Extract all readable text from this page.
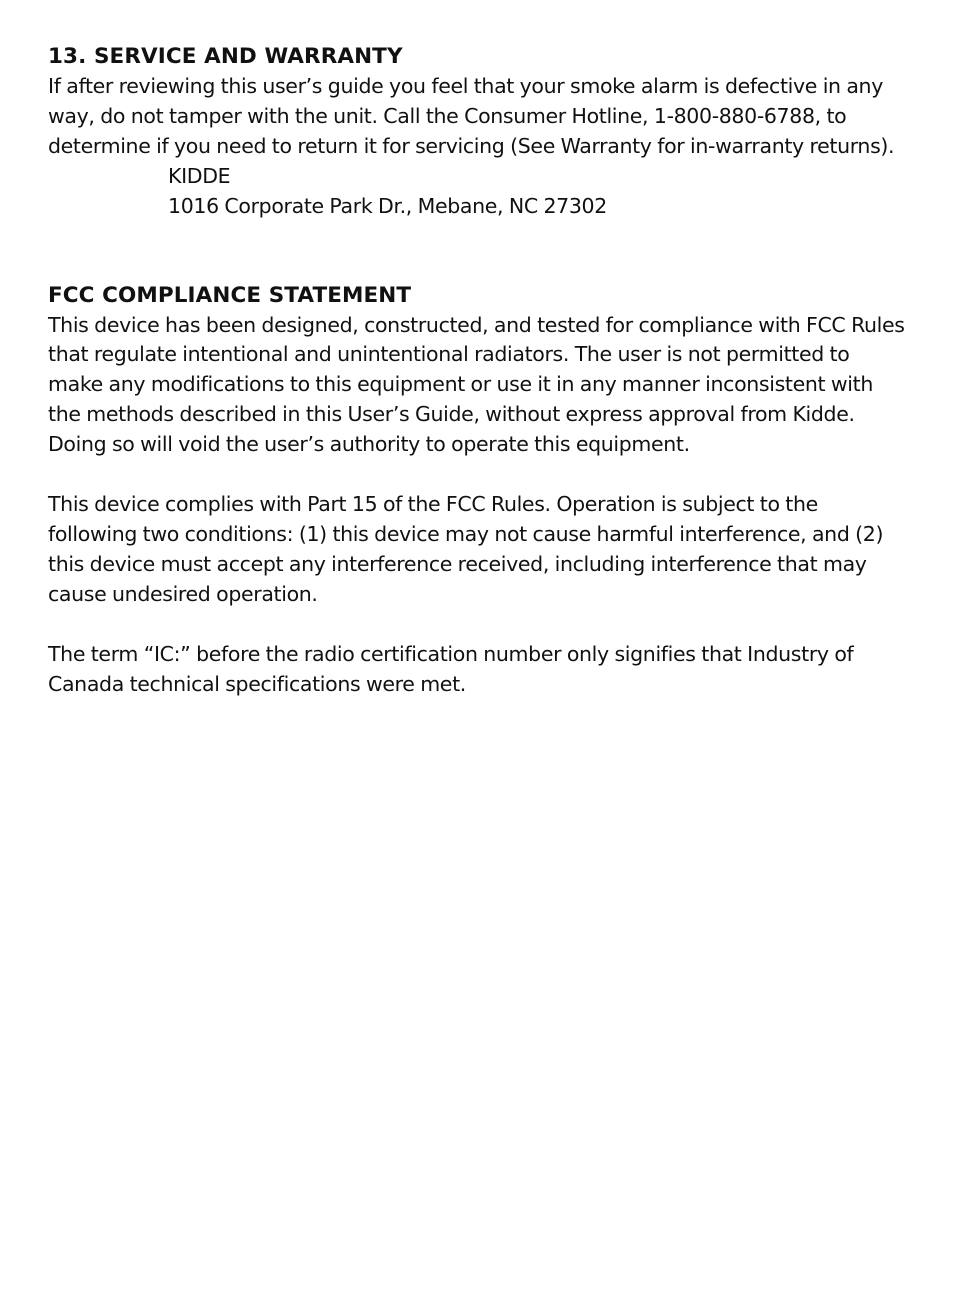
13. SERVICE AND WARRANTY

If after reviewing this user’s guide you feel that your smoke alarm is defective in any way, do not tamper with the unit. Call the Consumer Hotline, 1-800-880-6788, to determine if you need to return it for servicing (See Warranty for in-warranty returns).

KIDDE

1016 Corporate Park Dr., Mebane, NC 27302

FCC COMPLIANCE STATEMENT

This device has been designed, constructed, and tested for compliance with FCC Rules that regulate intentional and unintentional radiators. The user is not permitted to make any modifications to this equipment or use it in any manner inconsistent with the methods described in this User’s Guide, without express approval from Kidde. Doing so will void the user’s authority to operate this equipment.

This device complies with Part 15 of the FCC Rules. Operation is subject to the following two conditions: (1) this device may not cause harmful interference, and (2) this device must accept any interference received, including interference that may cause undesired operation.

The term “IC:” before the radio certification number only signifies that Industry of Canada technical specifications were met.
